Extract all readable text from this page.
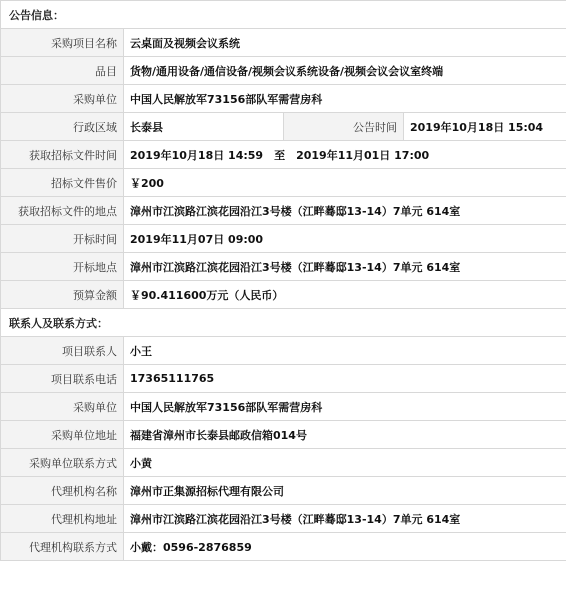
公告信息：			
采购项目名称	云桌面及视频会议系统		
品目	货物/通用设备/通信设备/视频会议系统设备/视频会议会议室终端		
采购单位	中国人民解放军73156部队军需营房科		
行政区域	长泰县	公告时间	2019年10月18日 15:04
获取招标文件时间	2019年10月18日 14:59　至　2019年11月01日 17:00		
招标文件售价	￥200		
获取招标文件的地点	漳州市江滨路江滨花园沿江3号楼（江畔蓦邸13-14）7单元 614室		
开标时间	2019年11月07日 09:00		
开标地点	漳州市江滨路江滨花园沿江3号楼（江畔蓦邸13-14）7单元 614室		
预算金额	￥90.411600万元（人民币）		
联系人及联系方式：			
项目联系人	小王		
项目联系电话	17365111765		
采购单位	中国人民解放军73156部队军需营房科		
采购单位地址	福建省漳州市长泰县邮政信箱014号		
采购单位联系方式	小黄		
代理机构名称	漳州市正集源招标代理有限公司		
代理机构地址	漳州市江滨路江滨花园沿江3号楼（江畔蓦邸13-14）7单元 614室		
代理机构联系方式	小戴：0596-2876859		
